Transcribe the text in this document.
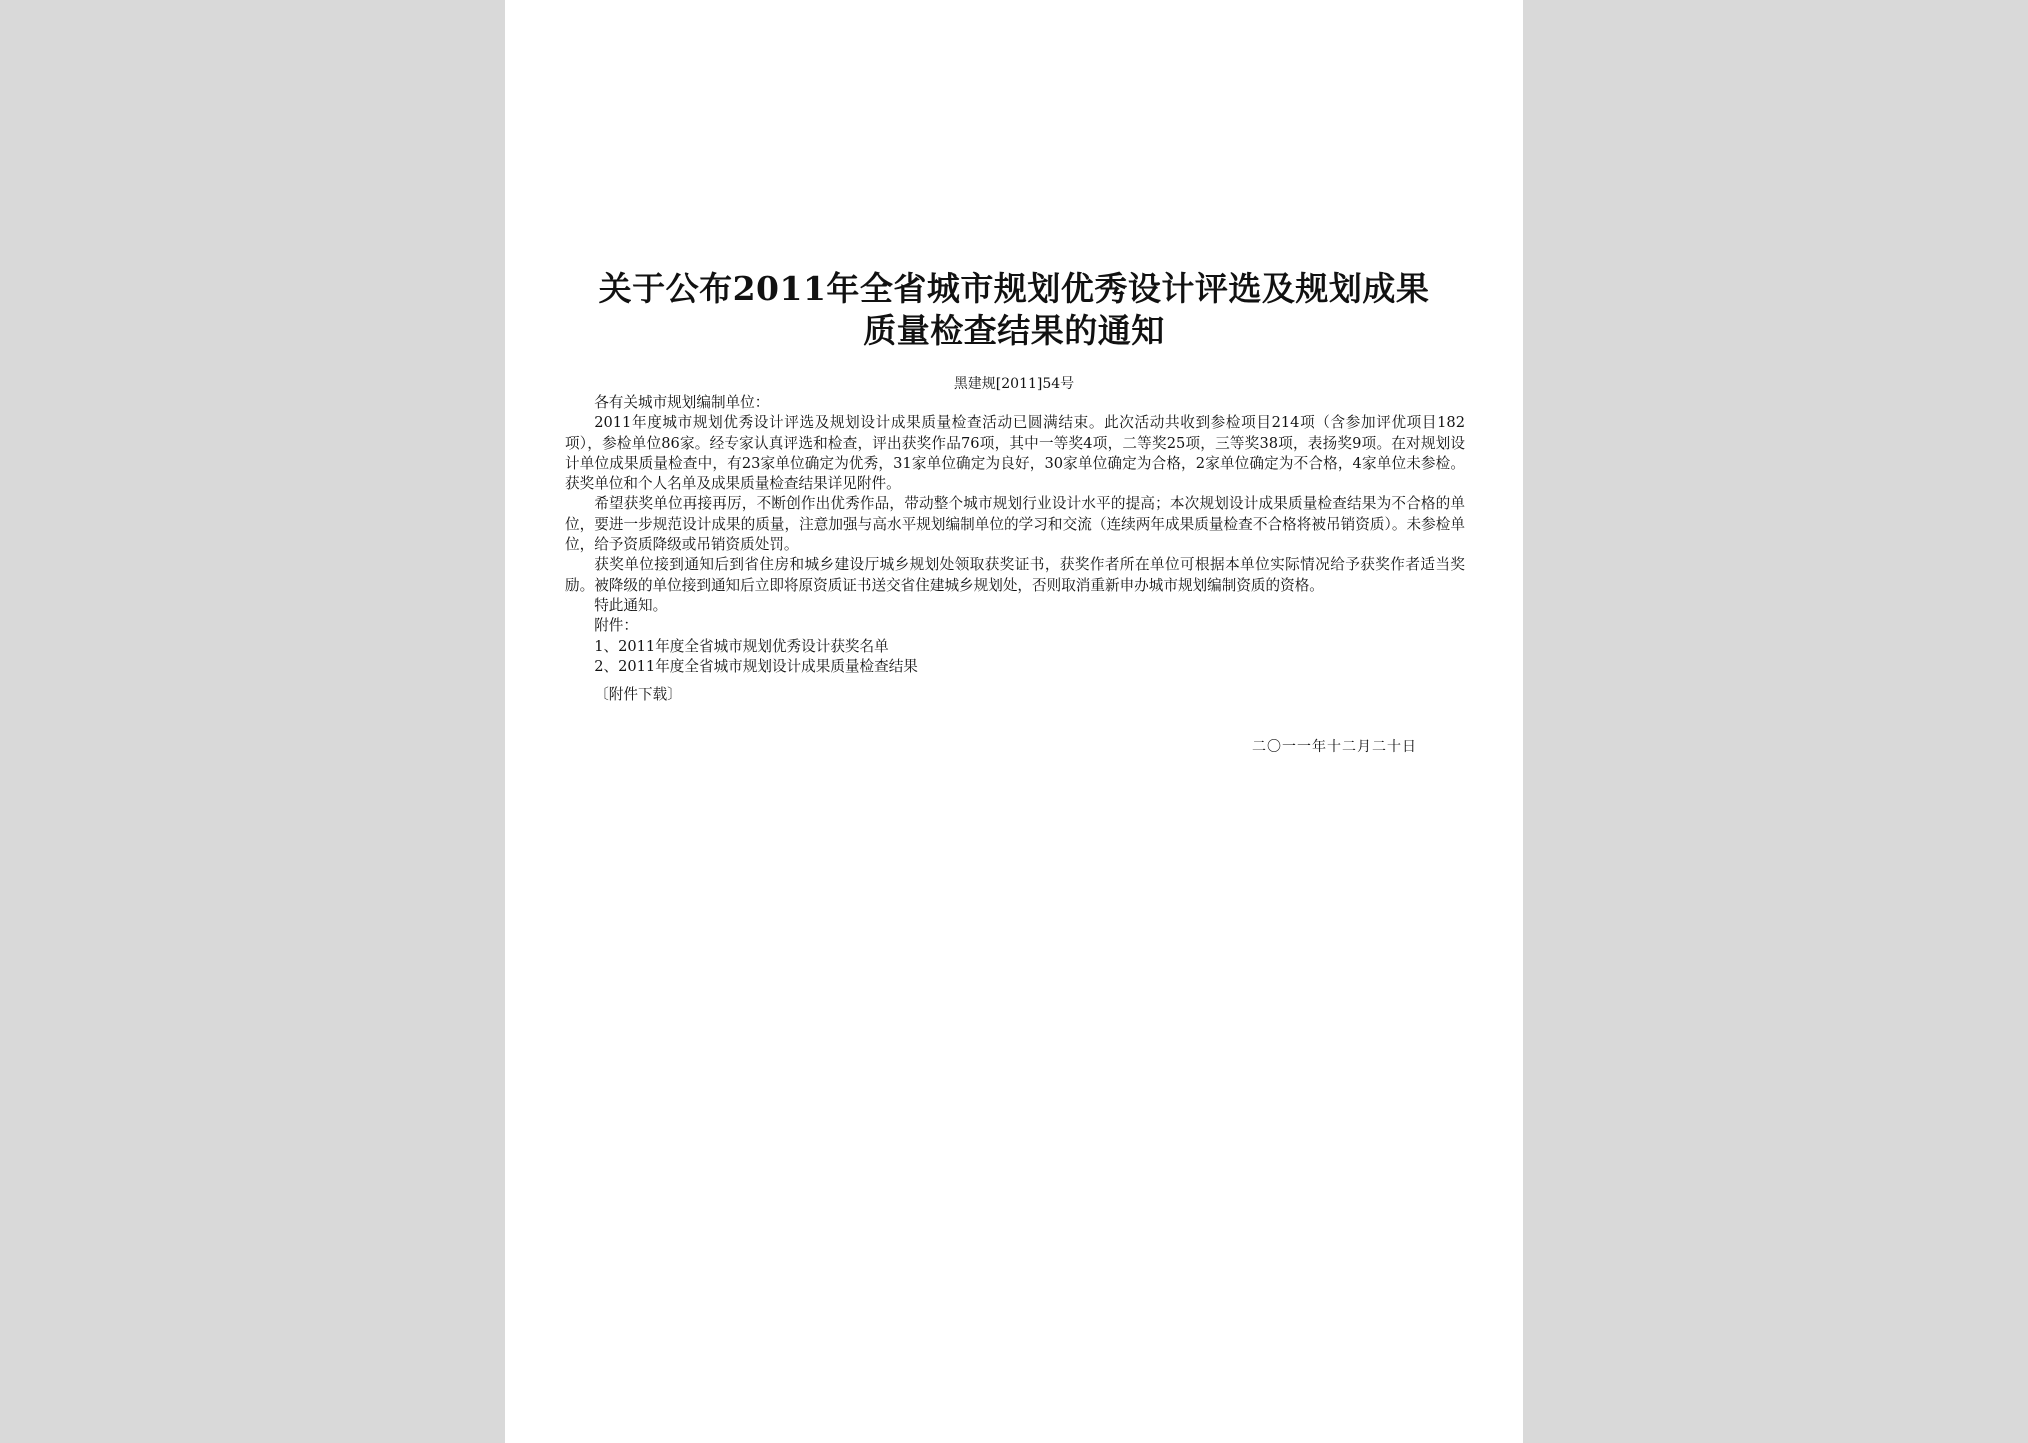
关于公布2011年全省城市规划优秀设计评选及规划成果
质量检查结果的通知
黑建规[2011]54号

各有关城市规划编制单位：

2011年度城市规划优秀设计评选及规划设计成果质量检查活动已圆满结束。此次活动共收到参检项目214项（含参加评优项目182项），参检单位86家。经专家认真评选和检查，评出获奖作品76项，其中一等奖4项，二等奖25项，三等奖38项，表扬奖9项。在对规划设计单位成果质量检查中，有23家单位确定为优秀，31家单位确定为良好，30家单位确定为合格，2家单位确定为不合格，4家单位未参检。获奖单位和个人名单及成果质量检查结果详见附件。

希望获奖单位再接再厉，不断创作出优秀作品，带动整个城市规划行业设计水平的提高；本次规划设计成果质量检查结果为不合格的单位，要进一步规范设计成果的质量，注意加强与高水平规划编制单位的学习和交流（连续两年成果质量检查不合格将被吊销资质）。未参检单位，给予资质降级或吊销资质处罚。

获奖单位接到通知后到省住房和城乡建设厅城乡规划处领取获奖证书，获奖作者所在单位可根据本单位实际情况给予获奖作者适当奖励。被降级的单位接到通知后立即将原资质证书送交省住建城乡规划处，否则取消重新申办城市规划编制资质的资格。

特此通知。

附件：

1、2011年度全省城市规划优秀设计获奖名单

2、2011年度全省城市规划设计成果质量检查结果

〔附件下载〕

二〇一一年十二月二十日
